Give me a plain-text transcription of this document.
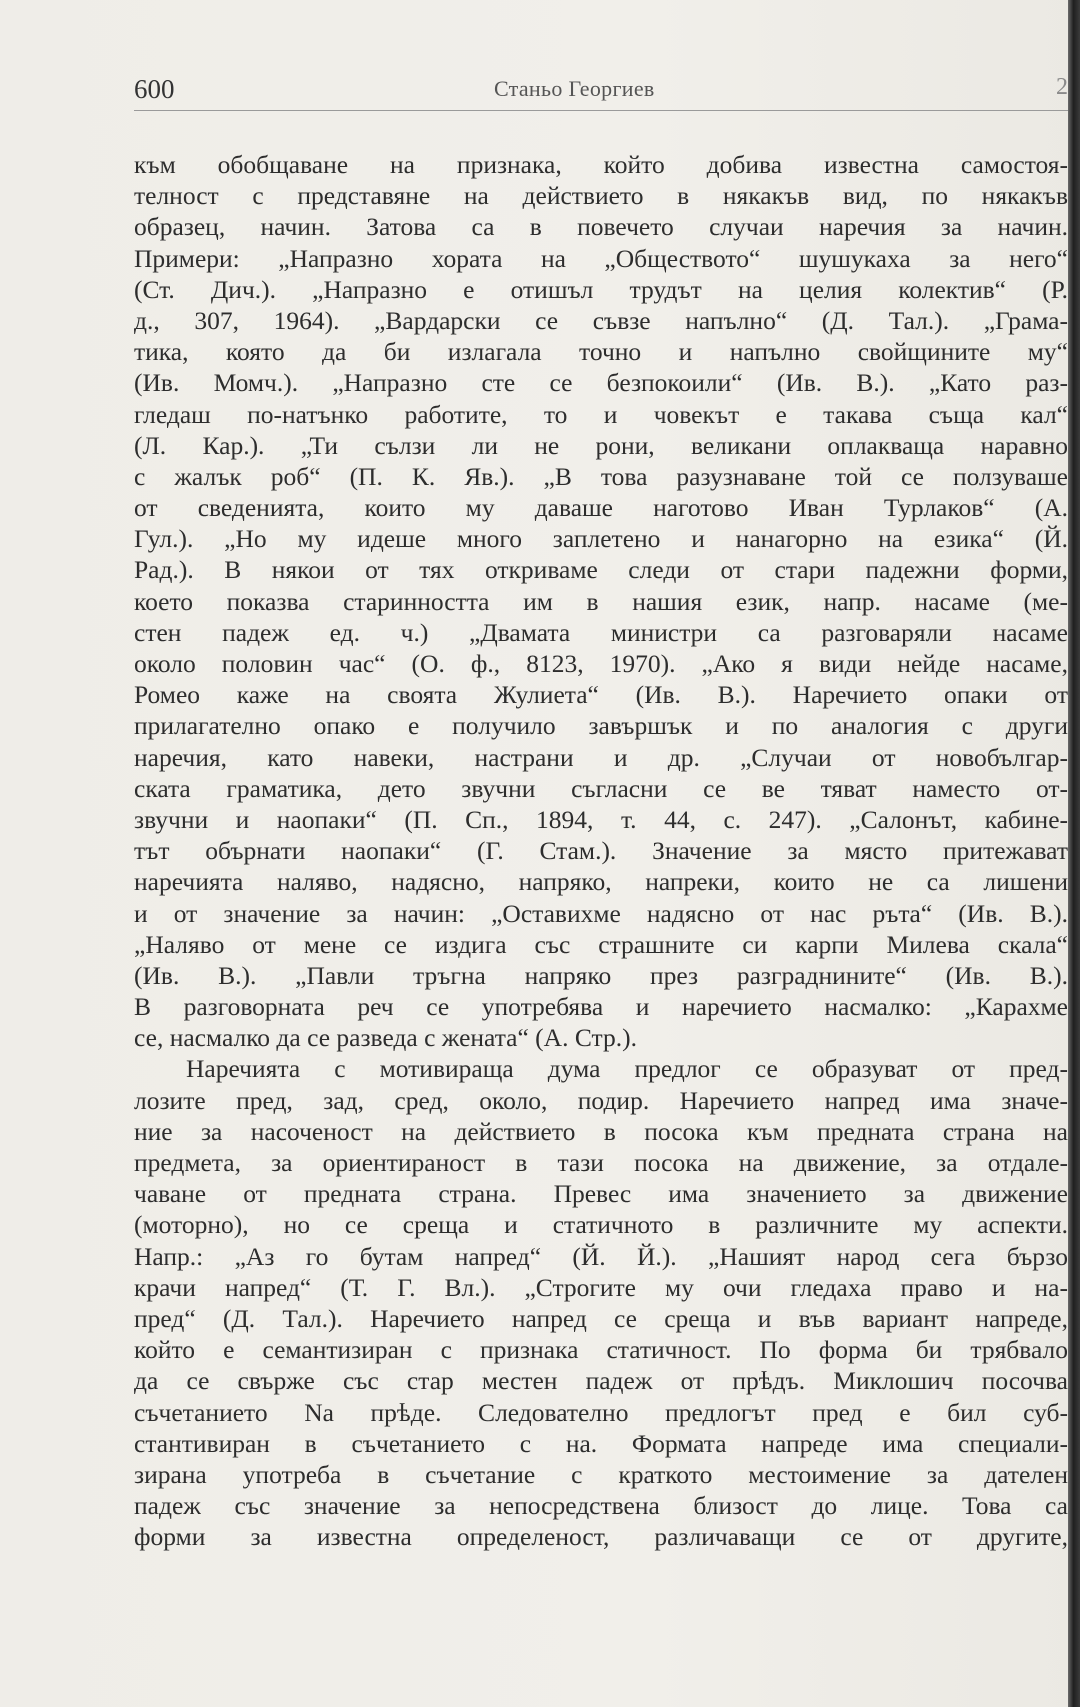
600	Станьо Георгиев	2
към обобщаване на признака, който добива известна самостоя-
телност с представяне на действието в някакъв вид, по някакъв
образец, начин. Затова са в повечето случаи наречия за начин.
Примери: „Напразно хората на „Обществото“ шушукаха за него“
(Ст. Дич.). „Напразно е отишъл трудът на целия колектив“ (Р.
д., 307, 1964). „Вардарски се съвзе напълно“ (Д. Тал.). „Грама-
тика, която да би излагала точно и напълно свойщините му“
(Ив. Момч.). „Напразно сте се безпокоили“ (Ив. В.). „Като раз-
гледаш по-натънко работите, то и човекът е такава съща кал“
(Л. Кар.). „Ти сълзи ли не рони, великани оплакваща наравно
с жалък роб“ (П. К. Яв.). „В това разузнаване той се ползуваше
от сведенията, които му даваше наготово Иван Турлаков“ (А.
Гул.). „Но му идеше много заплетено и нанагорно на езика“ (Й.
Рад.). В някои от тях откриваме следи от стари падежни форми,
което показва старинността им в нашия език, напр. насаме (ме-
стен падеж ед. ч.) „Двамата министри са разговаряли насаме
около половин час“ (О. ф., 8123, 1970). „Ако я види нейде насаме,
Ромео каже на своята Жулиета“ (Ив. В.). Наречието опаки от
прилагателно опако е получило завършък и по аналогия с други
наречия, като навеки, настрани и др. „Случаи от новобългар-
ската граматика, дето звучни съгласни се ве тяват наместо от-
звучни и наопаки“ (П. Сп., 1894, т. 44, с. 247). „Салонът, кабине-
тът обърнати наопаки“ (Г. Стам.). Значение за място притежават
наречията наляво, надясно, напряко, напреки, които не са лишени
и от значение за начин: „Оставихме надясно от нас рътa“ (Ив. В.).
„Наляво от мене се издига със страшните си карпи Милева скала“
(Ив. В.). „Павли тръгна напряко през разграднините“ (Ив. В.).
В разговорната реч се употребява и наречието насмалко: „Карахме
се, насмалко да се разведа с жената“ (А. Стр.).
Наречията с мотивираща дума предлог се образуват от пред-
лозите пред, зад, сред, около, подир. Наречието напред има значе-
ние за насоченост на действието в посока към предната страна на
предмета, за ориентираност в тази посока на движение, за отдале-
чаване от предната страна. Превес има значението за движение
(моторно), но се среща и статичното в различните му аспекти.
Напр.: „Аз го бутам напред“ (Й. Й.). „Нашият народ сега бързо
крачи напред“ (Т. Г. Вл.). „Строгите му очи гледаха право и на-
пред“ (Д. Тал.). Наречието напред се среща и във вариант напреде,
който е семантизиран с признака статичност. По форма би трябвало
да се свърже със стар местен падеж от прѣдъ. Миклошич посочва
съчетанието Na прѣде. Следователно предлогът пред е бил суб-
стантивиран в съчетанието с на. Формата напреде има специали-
зирана употреба в съчетание с краткото местоимение за дателен
падеж със значение за непосредствена близост до лице. Това са
форми за известна определеност, различаващи се от другите,
